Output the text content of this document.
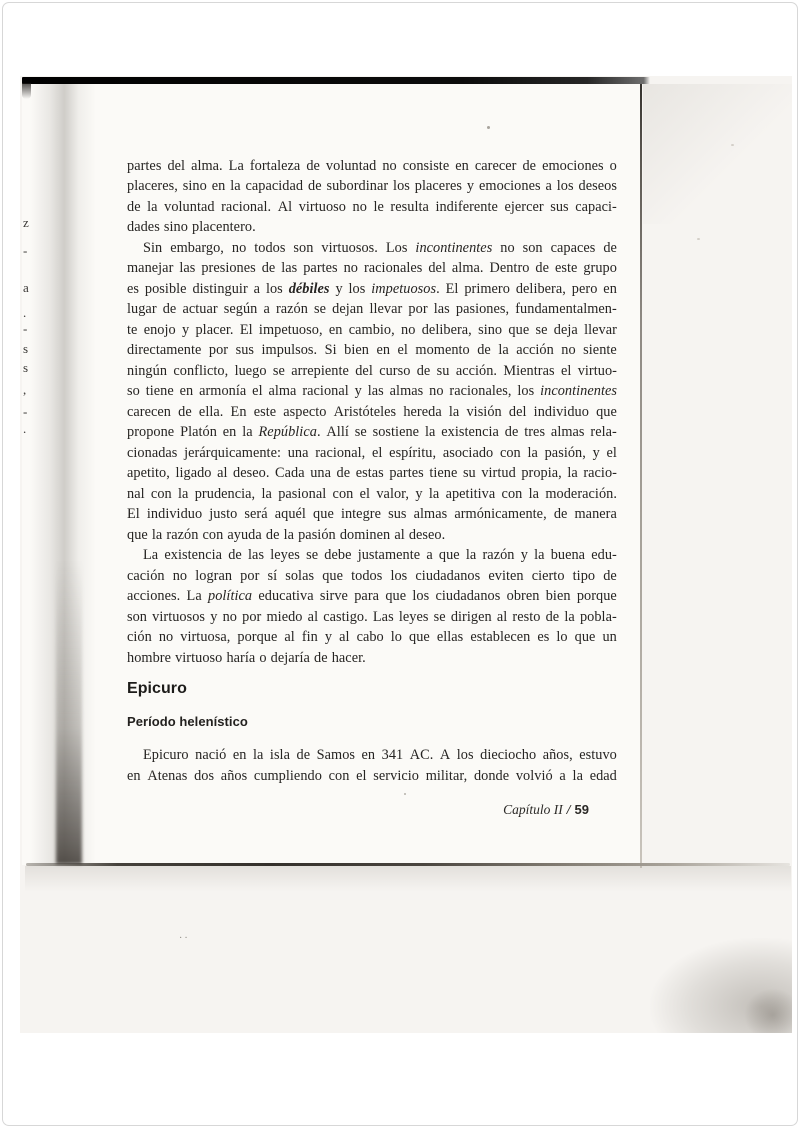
z
-
a
.
-
s
s
,
-
.
partes del alma. La fortaleza de voluntad no consiste en carecer de emociones o
placeres, sino en la capacidad de subordinar los placeres y emociones a los deseos
de la voluntad racional. Al virtuoso no le resulta indiferente ejercer sus capaci-
dades sino placentero.
Sin embargo, no todos son virtuosos. Los incontinentes no son capaces de
manejar las presiones de las partes no racionales del alma. Dentro de este grupo
es posible distinguir a los débiles y los impetuosos. El primero delibera, pero en
lugar de actuar según a razón se dejan llevar por las pasiones, fundamentalmen-
te enojo y placer. El impetuoso, en cambio, no delibera, sino que se deja llevar
directamente por sus impulsos. Si bien en el momento de la acción no siente
ningún conflicto, luego se arrepiente del curso de su acción. Mientras el virtuo-
so tiene en armonía el alma racional y las almas no racionales, los incontinentes
carecen de ella. En este aspecto Aristóteles hereda la visión del individuo que
propone Platón en la República. Allí se sostiene la existencia de tres almas rela-
cionadas jerárquicamente: una racional, el espíritu, asociado con la pasión, y el
apetito, ligado al deseo. Cada una de estas partes tiene su virtud propia, la racio-
nal con la prudencia, la pasional con el valor, y la apetitiva con la moderación.
El individuo justo será aquél que integre sus almas armónicamente, de manera
que la razón con ayuda de la pasión dominen al deseo.
La existencia de las leyes se debe justamente a que la razón y la buena edu-
cación no logran por sí solas que todos los ciudadanos eviten cierto tipo de
acciones. La política educativa sirve para que los ciudadanos obren bien porque
son virtuosos y no por miedo al castigo. Las leyes se dirigen al resto de la pobla-
ción no virtuosa, porque al fin y al cabo lo que ellas establecen es lo que un
hombre virtuoso haría o dejaría de hacer.
Epicuro
Período helenístico
Epicuro nació en la isla de Samos en 341 AC. A los dieciocho años, estuvo
en Atenas dos años cumpliendo con el servicio militar, donde volvió a la edad
Capítulo II / 59
··
